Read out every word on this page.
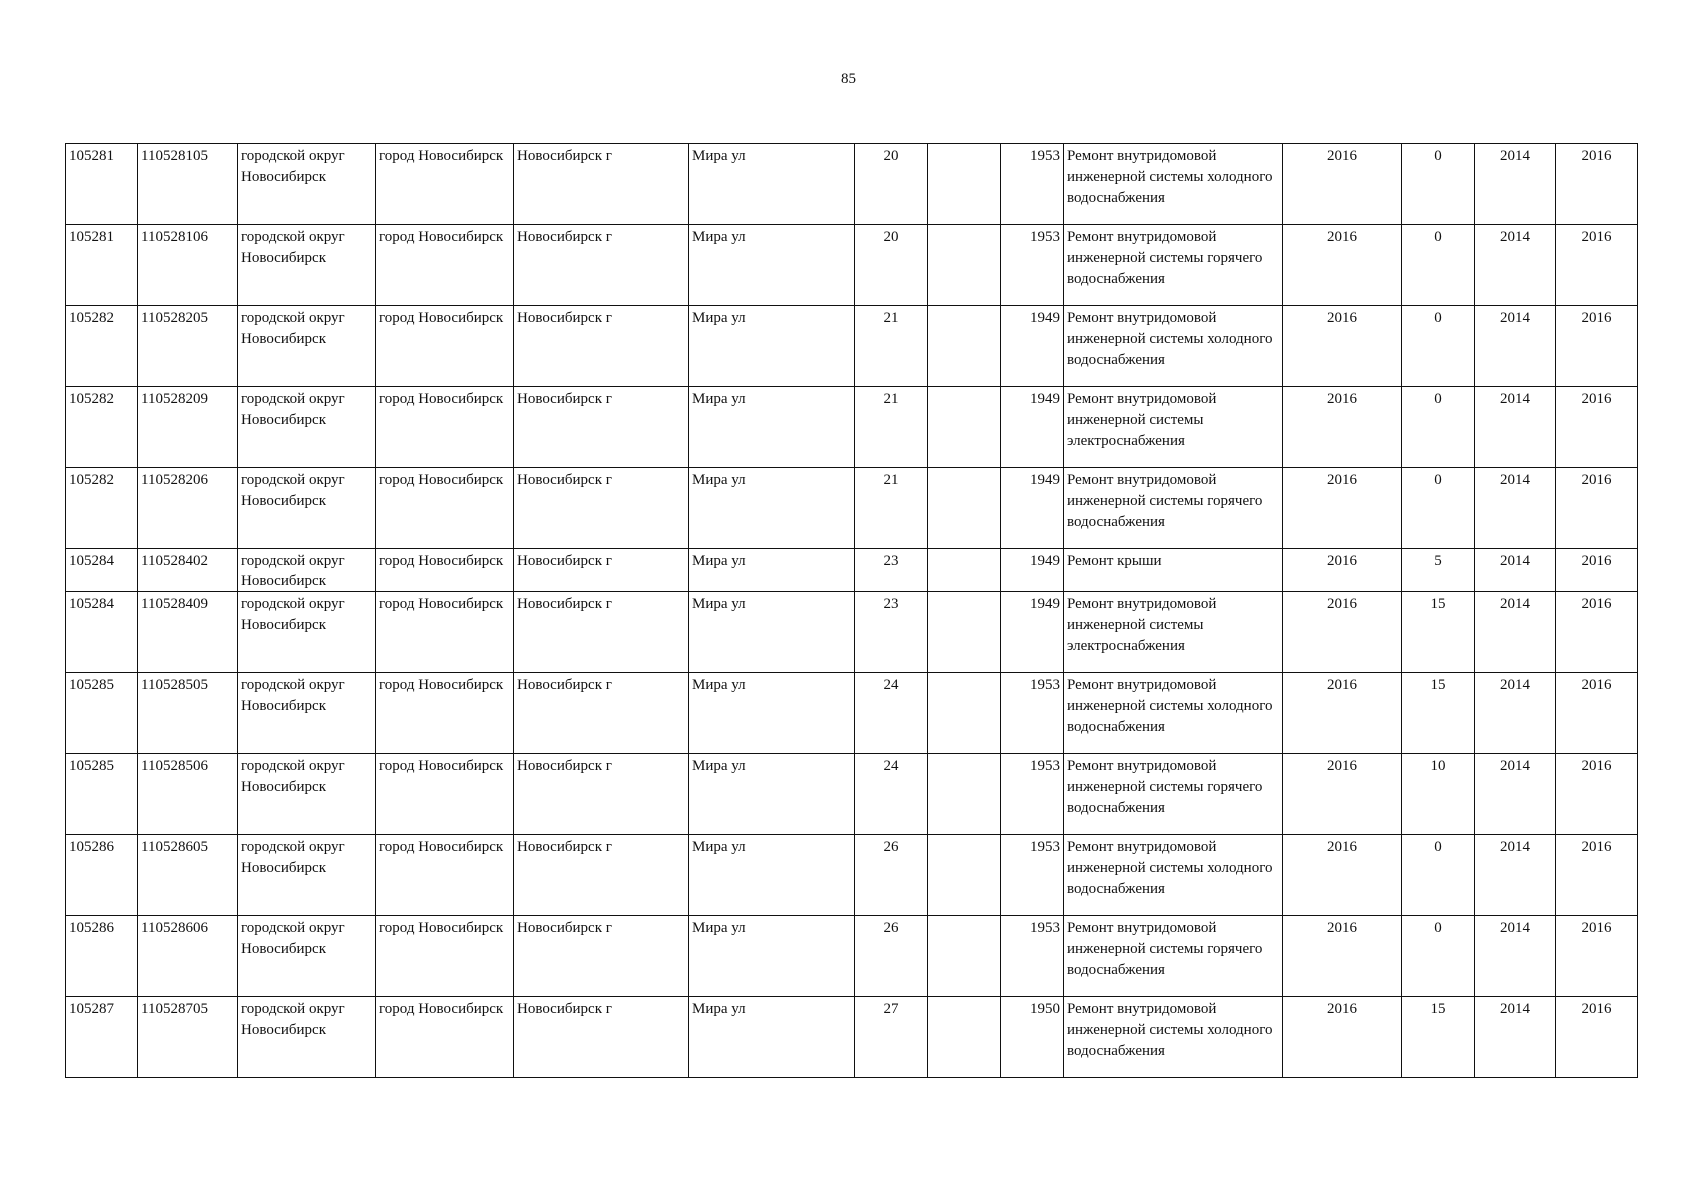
85
105281	110528105	городской округ Новосибирск	город Новосибирск	Новосибирск г	Мира ул	20		1953	Ремонт внутридомовой инженерной системы холодного водоснабжения	2016	0	2014	2016
105281	110528106	городской округ Новосибирск	город Новосибирск	Новосибирск г	Мира ул	20		1953	Ремонт внутридомовой инженерной системы горячего водоснабжения	2016	0	2014	2016
105282	110528205	городской округ Новосибирск	город Новосибирск	Новосибирск г	Мира ул	21		1949	Ремонт внутридомовой инженерной системы холодного водоснабжения	2016	0	2014	2016
105282	110528209	городской округ Новосибирск	город Новосибирск	Новосибирск г	Мира ул	21		1949	Ремонт внутридомовой инженерной системы электроснабжения	2016	0	2014	2016
105282	110528206	городской округ Новосибирск	город Новосибирск	Новосибирск г	Мира ул	21		1949	Ремонт внутридомовой инженерной системы горячего водоснабжения	2016	0	2014	2016
105284	110528402	городской округ Новосибирск	город Новосибирск	Новосибирск г	Мира ул	23		1949	Ремонт крыши	2016	5	2014	2016
105284	110528409	городской округ Новосибирск	город Новосибирск	Новосибирск г	Мира ул	23		1949	Ремонт внутридомовой инженерной системы электроснабжения	2016	15	2014	2016
105285	110528505	городской округ Новосибирск	город Новосибирск	Новосибирск г	Мира ул	24		1953	Ремонт внутридомовой инженерной системы холодного водоснабжения	2016	15	2014	2016
105285	110528506	городской округ Новосибирск	город Новосибирск	Новосибирск г	Мира ул	24		1953	Ремонт внутридомовой инженерной системы горячего водоснабжения	2016	10	2014	2016
105286	110528605	городской округ Новосибирск	город Новосибирск	Новосибирск г	Мира ул	26		1953	Ремонт внутридомовой инженерной системы холодного водоснабжения	2016	0	2014	2016
105286	110528606	городской округ Новосибирск	город Новосибирск	Новосибирск г	Мира ул	26		1953	Ремонт внутридомовой инженерной системы горячего водоснабжения	2016	0	2014	2016
105287	110528705	городской округ Новосибирск	город Новосибирск	Новосибирск г	Мира ул	27		1950	Ремонт внутридомовой инженерной системы холодного водоснабжения	2016	15	2014	2016
